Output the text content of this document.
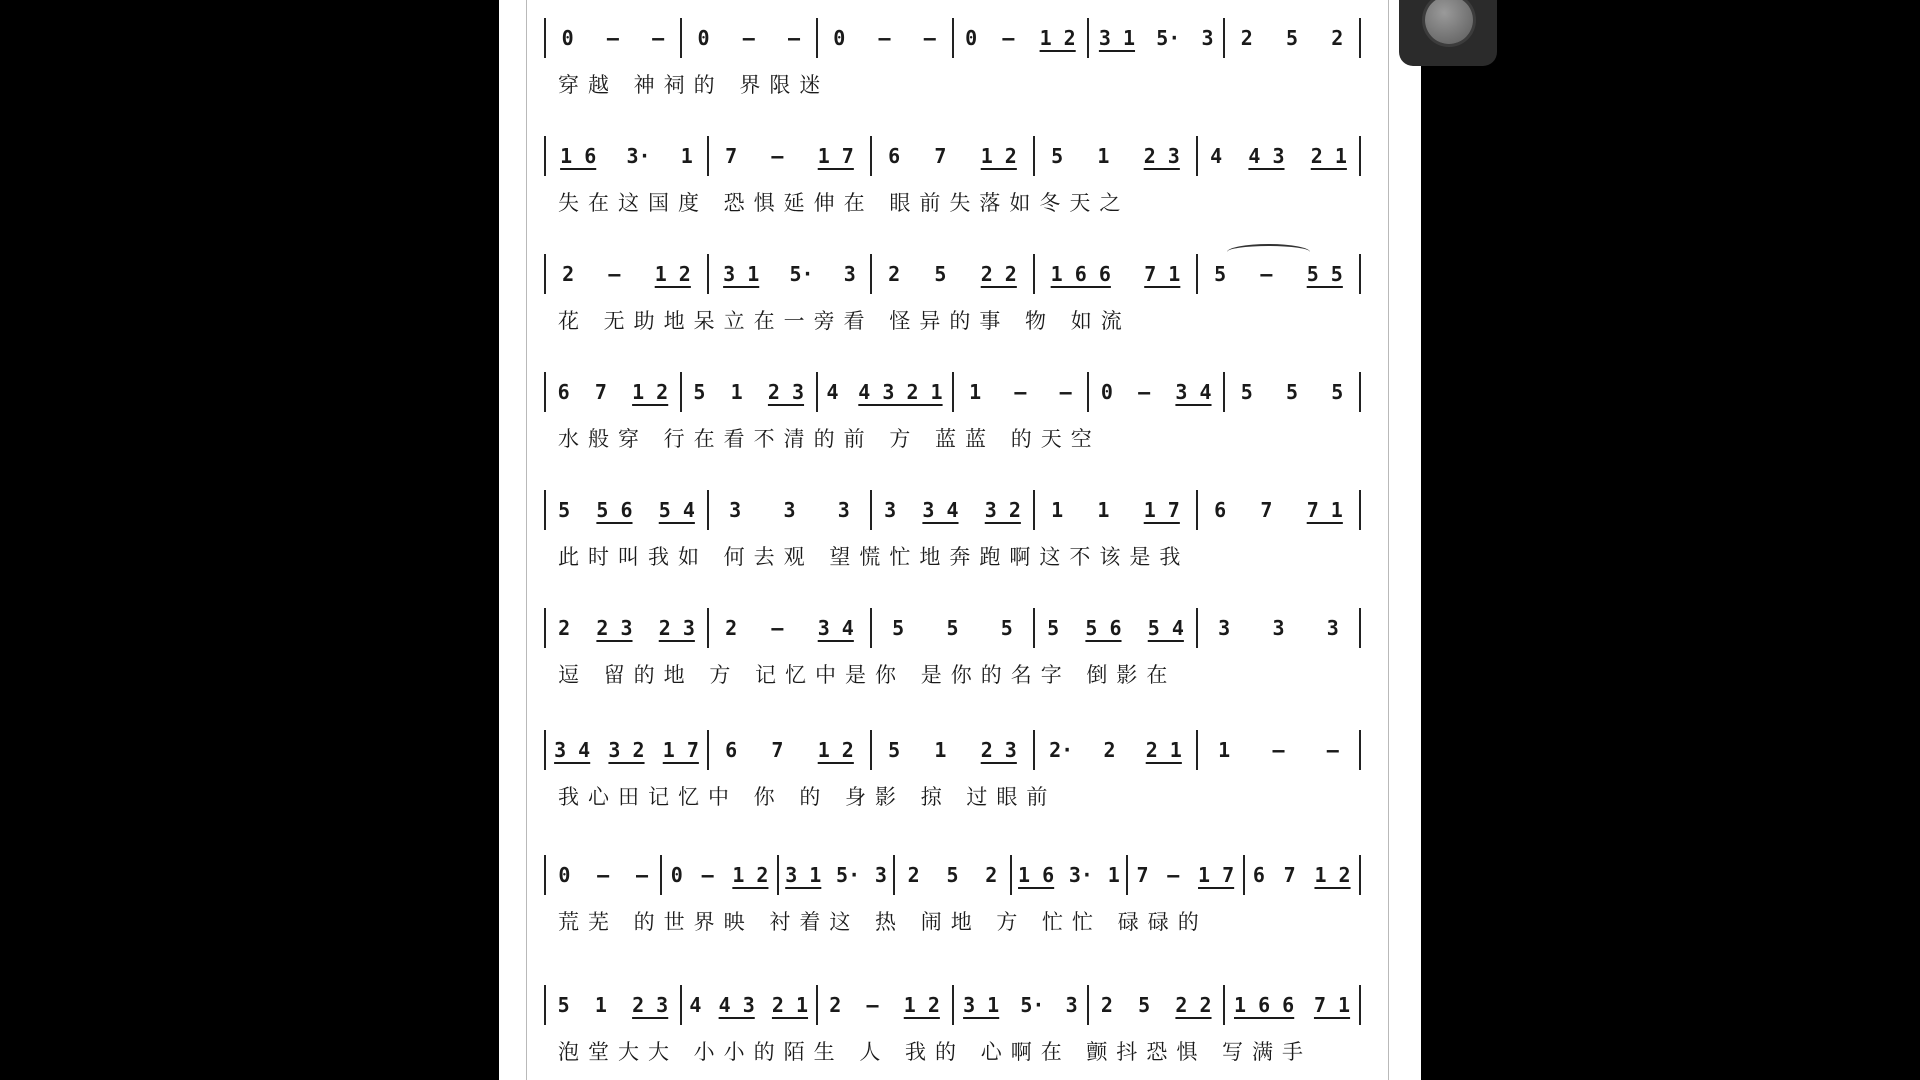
0 – – 0 – – 0 – – 0 – 1 2 3 1 5· 3 2 5 2
穿越 神祠的 界限迷
1 6 3· 1 7 – 1 7 6 7 1 2 5 1 2 3 4 4 3 2 1
失在这国度 恐惧延伸在 眼前失落如冬天之
2 – 1 2 3 1 5· 3 2 5 2 2 1 6 6 7 1 5 – 5 5
花 无助地呆立在一旁看 怪异的事 物 如流
6 7 1 2 5 1 2 3 4 4 3 2 1 1 – – 0 – 3 4 5 5 5
水般穿 行在看不清的前 方 蓝蓝 的天空
5 5 6 5 4 3 3 3 3 3 4 3 2 1 1 1 7 6 7 7 1
此时叫我如 何去观 望慌忙地奔跑啊这不该是我
2 2 3 2 3 2 – 3 4 5 5 5 5 5 6 5 4 3 3 3
逗 留的地 方 记忆中是你 是你的名字 倒影在
3 4 3 2 1 7 6 7 1 2 5 1 2 3 2· 2 2 1 1 – –
我心田记忆中 你 的 身影 掠 过眼前
0 – – 0 – 1 2 3 1 5· 3 2 5 2 1 6 3· 1 7 – 1 7 6 7 1 2
荒芜 的世界映 衬着这 热 闹地 方 忙忙 碌碌的
5 1 2 3 4 4 3 2 1 2 – 1 2 3 1 5· 3 2 5 2 2 1 6 6 7 1
泡堂大大 小小的陌生 人 我的 心啊在 颤抖恐惧 写满手
